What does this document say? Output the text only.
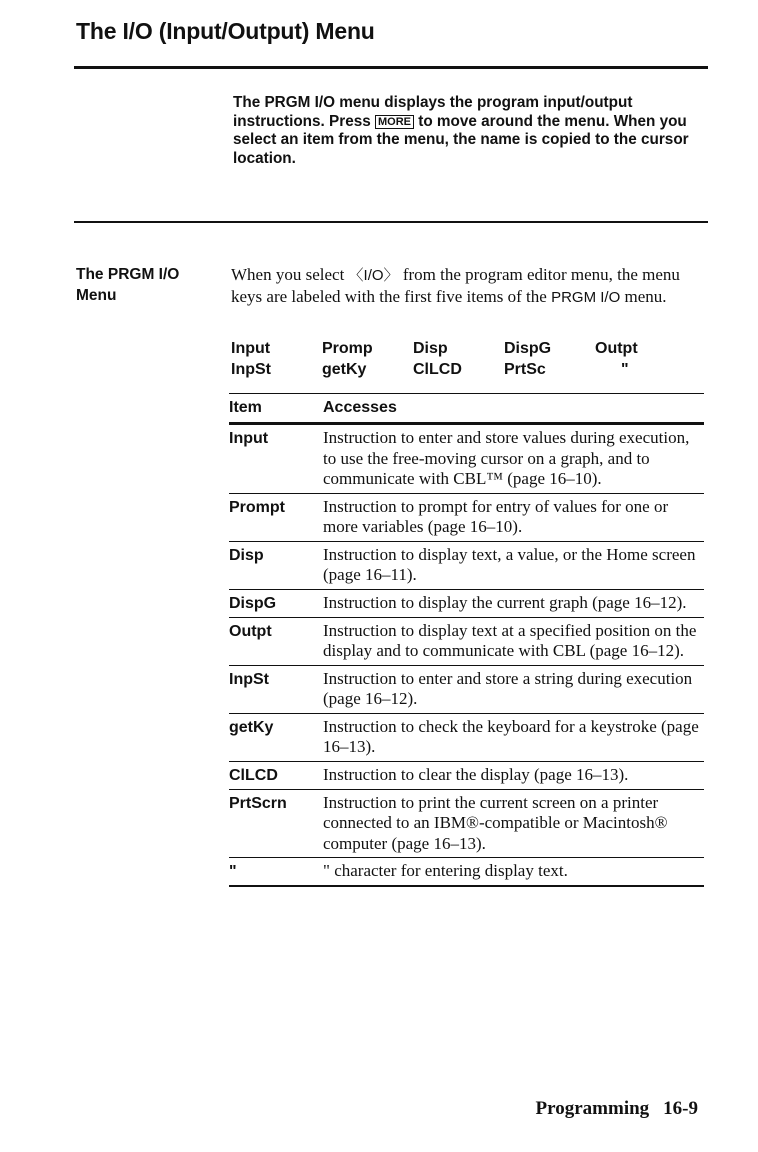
The I/O (Input/Output) Menu
The PRGM I/O menu displays the program input/output instructions. Press MORE to move around the menu. When you select an item from the menu, the name is copied to the cursor location.
The PRGM I/O Menu
When you select 〈I/O〉 from the program editor menu, the menu keys are labeled with the first five items of the PRGM I/O menu.
Input	Promp	Disp	DispG	Outpt
InpSt	getKy	ClLCD	PrtSc	"
Item	Accesses
Input	Instruction to enter and store values during execution, to use the free-moving cursor on a graph, and to communicate with CBL™ (page 16–10).
Prompt	Instruction to prompt for entry of values for one or more variables (page 16–10).
Disp	Instruction to display text, a value, or the Home screen (page 16–11).
DispG	Instruction to display the current graph (page 16–12).
Outpt	Instruction to display text at a specified position on the display and to communicate with CBL (page 16–12).
InpSt	Instruction to enter and store a string during execution (page 16–12).
getKy	Instruction to check the keyboard for a keystroke (page 16–13).
ClLCD	Instruction to clear the display (page 16–13).
PrtScrn	Instruction to print the current screen on a printer connected to an IBM®-compatible or Macintosh® computer (page 16–13).
"	" character for entering display text.
Programming 16-9
